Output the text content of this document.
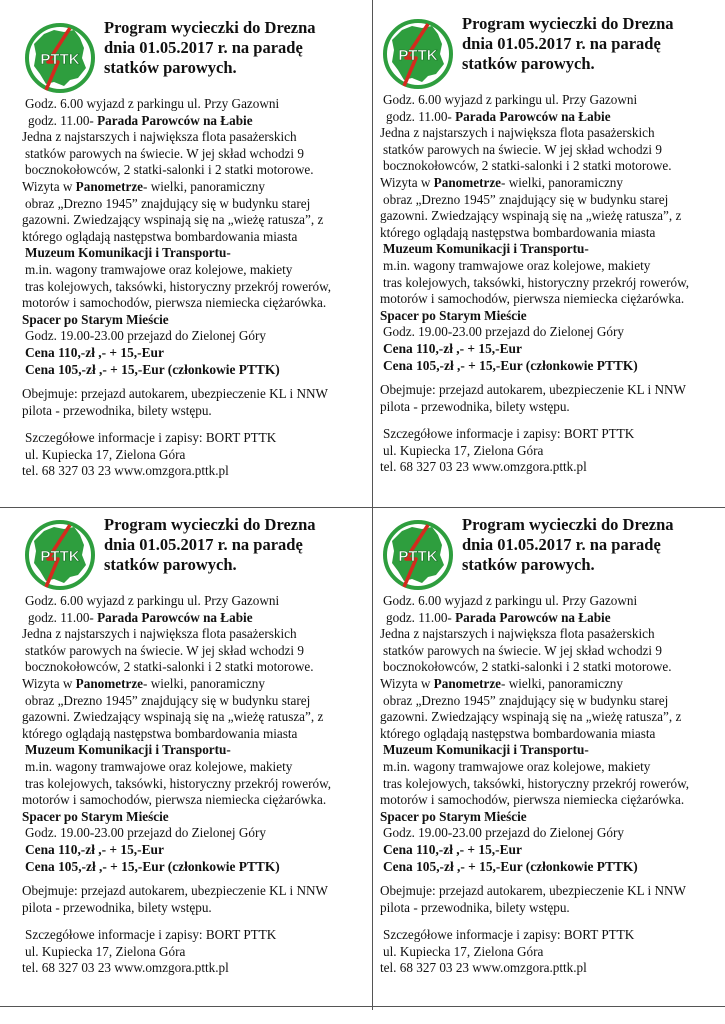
PTTK
Program wycieczki do Drezna
dnia 01.05.2017 r. na paradę
statków parowych.
Godz. 6.00 wyjazd z parkingu ul. Przy Gazowni
godz. 11.00- Parada Parowców na Łabie
Jedna z najstarszych i największa flota pasażerskich
statków parowych na świecie. W jej skład wchodzi 9
bocznokołowców, 2 statki-salonki i 2 statki motorowe.
Wizyta w Panometrze- wielki, panoramiczny
obraz „Drezno 1945” znajdujący się w budynku starej
gazowni. Zwiedzający wspinają się na „wieżę ratusza”, z
którego oglądają następstwa bombardowania miasta
Muzeum Komunikacji i Transportu-
m.in. wagony tramwajowe oraz kolejowe, makiety
tras kolejowych, taksówki, historyczny przekrój rowerów,
motorów i samochodów, pierwsza niemiecka ciężarówka.
Spacer po Starym Mieście
Godz. 19.00-23.00 przejazd do Zielonej Góry
Cena 110,-zł ,- + 15,-Eur
Cena 105,-zł ,- + 15,-Eur (członkowie PTTK)
Obejmuje: przejazd autokarem, ubezpieczenie KL i NNW
pilota - przewodnika, bilety wstępu.
Szczegółowe informacje i zapisy: BORT PTTK
ul. Kupiecka 17, Zielona Góra
tel. 68 327 03 23 www.omzgora.pttk.pl
PTTK
Program wycieczki do Drezna
dnia 01.05.2017 r. na paradę
statków parowych.
Godz. 6.00 wyjazd z parkingu ul. Przy Gazowni
godz. 11.00- Parada Parowców na Łabie
Jedna z najstarszych i największa flota pasażerskich
statków parowych na świecie. W jej skład wchodzi 9
bocznokołowców, 2 statki-salonki i 2 statki motorowe.
Wizyta w Panometrze- wielki, panoramiczny
obraz „Drezno 1945” znajdujący się w budynku starej
gazowni. Zwiedzający wspinają się na „wieżę ratusza”, z
którego oglądają następstwa bombardowania miasta
Muzeum Komunikacji i Transportu-
m.in. wagony tramwajowe oraz kolejowe, makiety
tras kolejowych, taksówki, historyczny przekrój rowerów,
motorów i samochodów, pierwsza niemiecka ciężarówka.
Spacer po Starym Mieście
Godz. 19.00-23.00 przejazd do Zielonej Góry
Cena 110,-zł ,- + 15,-Eur
Cena 105,-zł ,- + 15,-Eur (członkowie PTTK)
Obejmuje: przejazd autokarem, ubezpieczenie KL i NNW
pilota - przewodnika, bilety wstępu.
Szczegółowe informacje i zapisy: BORT PTTK
ul. Kupiecka 17, Zielona Góra
tel. 68 327 03 23 www.omzgora.pttk.pl
PTTK
Program wycieczki do Drezna
dnia 01.05.2017 r. na paradę
statków parowych.
Godz. 6.00 wyjazd z parkingu ul. Przy Gazowni
godz. 11.00- Parada Parowców na Łabie
Jedna z najstarszych i największa flota pasażerskich
statków parowych na świecie. W jej skład wchodzi 9
bocznokołowców, 2 statki-salonki i 2 statki motorowe.
Wizyta w Panometrze- wielki, panoramiczny
obraz „Drezno 1945” znajdujący się w budynku starej
gazowni. Zwiedzający wspinają się na „wieżę ratusza”, z
którego oglądają następstwa bombardowania miasta
Muzeum Komunikacji i Transportu-
m.in. wagony tramwajowe oraz kolejowe, makiety
tras kolejowych, taksówki, historyczny przekrój rowerów,
motorów i samochodów, pierwsza niemiecka ciężarówka.
Spacer po Starym Mieście
Godz. 19.00-23.00 przejazd do Zielonej Góry
Cena 110,-zł ,- + 15,-Eur
Cena 105,-zł ,- + 15,-Eur (członkowie PTTK)
Obejmuje: przejazd autokarem, ubezpieczenie KL i NNW
pilota - przewodnika, bilety wstępu.
Szczegółowe informacje i zapisy: BORT PTTK
ul. Kupiecka 17, Zielona Góra
tel. 68 327 03 23 www.omzgora.pttk.pl
PTTK
Program wycieczki do Drezna
dnia 01.05.2017 r. na paradę
statków parowych.
Godz. 6.00 wyjazd z parkingu ul. Przy Gazowni
godz. 11.00- Parada Parowców na Łabie
Jedna z najstarszych i największa flota pasażerskich
statków parowych na świecie. W jej skład wchodzi 9
bocznokołowców, 2 statki-salonki i 2 statki motorowe.
Wizyta w Panometrze- wielki, panoramiczny
obraz „Drezno 1945” znajdujący się w budynku starej
gazowni. Zwiedzający wspinają się na „wieżę ratusza”, z
którego oglądają następstwa bombardowania miasta
Muzeum Komunikacji i Transportu-
m.in. wagony tramwajowe oraz kolejowe, makiety
tras kolejowych, taksówki, historyczny przekrój rowerów,
motorów i samochodów, pierwsza niemiecka ciężarówka.
Spacer po Starym Mieście
Godz. 19.00-23.00 przejazd do Zielonej Góry
Cena 110,-zł ,- + 15,-Eur
Cena 105,-zł ,- + 15,-Eur (członkowie PTTK)
Obejmuje: przejazd autokarem, ubezpieczenie KL i NNW
pilota - przewodnika, bilety wstępu.
Szczegółowe informacje i zapisy: BORT PTTK
ul. Kupiecka 17, Zielona Góra
tel. 68 327 03 23 www.omzgora.pttk.pl
